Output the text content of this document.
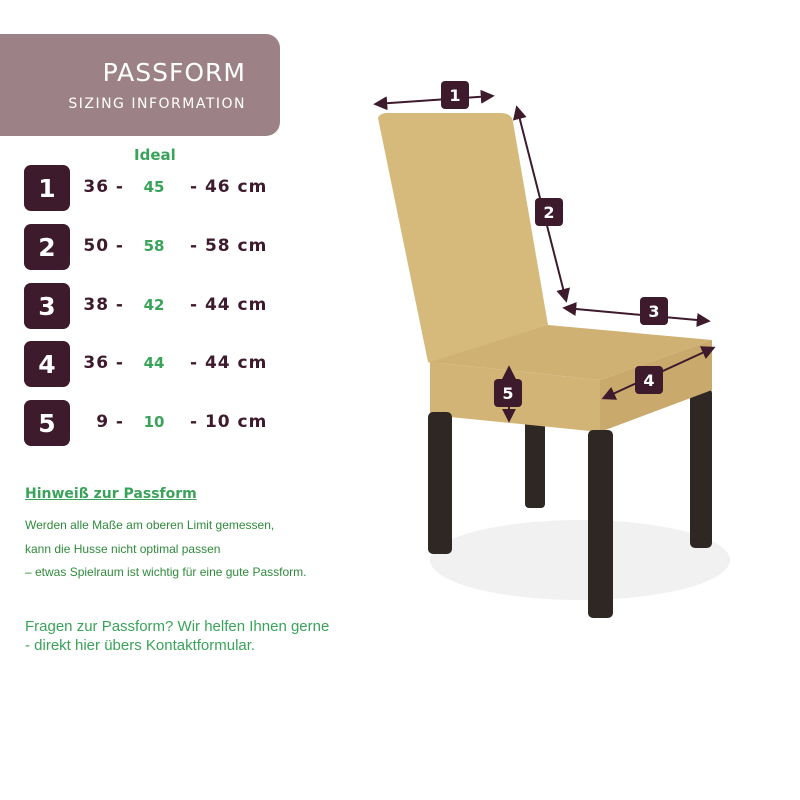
PASSFORM
SIZING INFORMATION
Ideal
1	36 -	45	- 46 cm
2	50 -	58	- 58 cm
3	38 -	42	- 44 cm
4	36 -	44	- 44 cm
5	9 -	10	- 10 cm
Hinweiß zur Passform
Werden alle Maße am oberen Limit gemessen,
kann die Husse nicht optimal passen
– etwas Spielraum ist wichtig für eine gute Passform.
Fragen zur Passform? Wir helfen Ihnen gerne
- direkt hier übers Kontaktformular.
1
2
3
4
5
